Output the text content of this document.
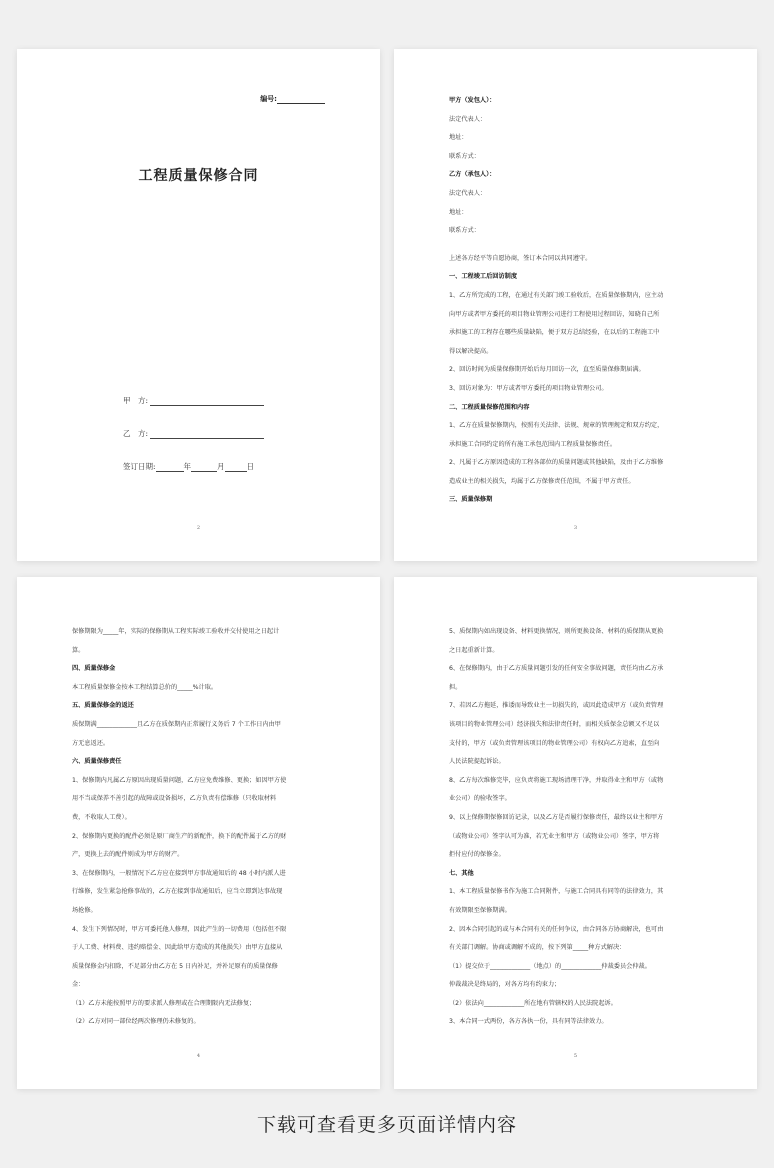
编号:
工程质量保修合同
甲　方:
乙　方:
签订日期:	年	月	日
2
甲方（发包人）：
法定代表人：
地址：
联系方式：
乙方（承包人）：
法定代表人：
地址：
联系方式：
上述各方经平等自愿协商，签订本合同以共同遵守。
一、工程竣工后回访制度
1、乙方所完成的工程，在通过有关部门竣工验收后，在质量保修期内，应主动
向甲方或者甲方委托的项目物业管理公司进行工程使用过程回访，知晓自己所
承担施工的工程存在哪些质量缺陷，便于双方总结经验，在以后的工程施工中
得以解决提高。
2、回访时间为质量保修期开始后每月回访一次，直至质量保修期届满。
3、回访对象为：甲方或者甲方委托的项目物业管理公司。
二、工程质量保修范围和内容
1、乙方在质量保修期内，按照有关法律、法规、规章的管理规定和双方约定，
承担施工合同约定的所有施工承包范围内工程质量保修责任。
2、凡属于乙方原因造成的工程各部位的质量问题或其他缺陷，及由于乙方维修
造成业主的相关损失，均属于乙方保修责任范围，不属于甲方责任。
三、质量保修期
3
保修期限为_____年，实际的保修期从工程实际竣工验收并交付使用之日起计
算。
四、质量保修金
本工程质量保修金按本工程结算总价的_____%计取。
五、质量保修金的返还
质保期满_____________且乙方在质保期内正常履行义务后 7 个工作日内由甲
方无息返还。
六、质量保修责任
1、保修期内凡属乙方原因出现质量问题，乙方应免费维修、更换；如因甲方使
用不当或保养不善引起的故障或设备损坏，乙方负责有偿维修（只收取材料
费，不收取人工费）。
2、保修期内更换的配件必须是原厂商生产的新配件，换下的配件属于乙方的财
产，更换上去的配件则成为甲方的财产。
3、在保修期内，一般情况下乙方应在接到甲方事故通知后的 48 小时内派人进
行维修，发生紧急抢修事故的，乙方在接到事故通知后，应当立即到达事故现
场抢修。
4、发生下列情况时，甲方可委托他人修理，因此产生的一切费用（包括但不限
于人工费、材料费、违约赔偿金、因此给甲方造成的其他损失）由甲方直接从
质量保修金内扣除，不足部分由乙方在 5 日内补足，并补足原有的质量保修
金：
（1）乙方未能按照甲方的要求派人修理或在合理期限内无法修复；
（2）乙方对同一部位经两次修理仍未修复的。
4
5、质保期内如出现设备、材料更换情况，则所更换设备、材料的质保期从更换
之日起重新计算。
6、在保修期内，由于乙方质量问题引发的任何安全事故问题，责任均由乙方承
担。
7、若因乙方拖延，推诿而导致业主一切损失的，或因此造成甲方（或负责管理
该项目的物业管理公司）经济损失和法律责任时，而相关质保金总额又不足以
支付的，甲方（或负责管理该项目的物业管理公司）有权向乙方追索，直至向
人民法院提起诉讼。
8、乙方每次维修完毕，应负责将施工现场清理干净，并取得业主和甲方（或物
业公司）的验收签字。
9、以上保修期保修回访记录，以及乙方是否履行保修责任，最终以业主和甲方
（或物业公司）签字认可为准，若无业主和甲方（或物业公司）签字，甲方将
拒付应付的保修金。
七、其他
1、本工程质量保修书作为施工合同附件，与施工合同具有同等的法律效力，其
有效期限至保修期满。
2、因本合同引起的或与本合同有关的任何争议，由合同各方协商解决，也可由
有关部门调解。协商或调解不成的，按下列第_____种方式解决：
（1）提交位于_____________（地点）的_____________仲裁委员会仲裁。
仲裁裁决是终局的，对各方均有约束力；
（2）依法向_____________所在地有管辖权的人民法院起诉。
3、本合同一式两份，各方各执一份，具有同等法律效力。
5
下载可查看更多页面详情内容
